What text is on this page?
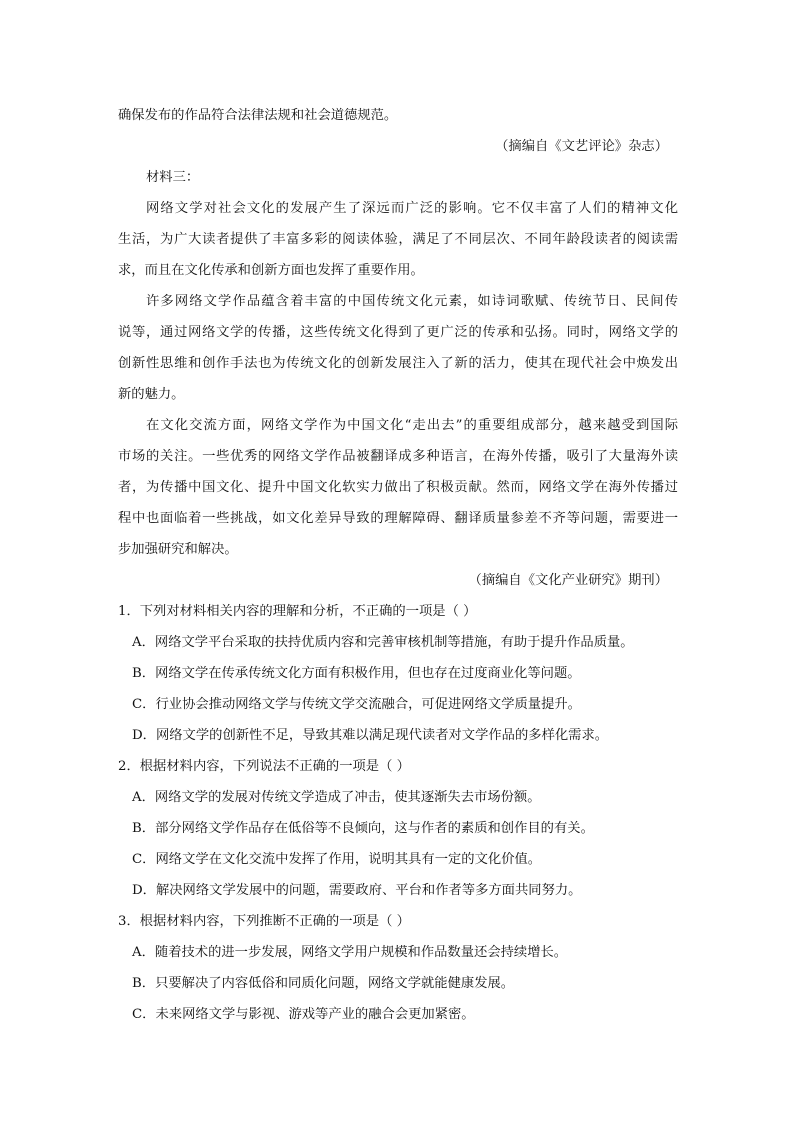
确保发布的作品符合法律法规和社会道德规范。
（摘编自《文艺评论》杂志）
材料三：
网络文学对社会文化的发展产生了深远而广泛的影响。它不仅丰富了人们的精神文化
生活，为广大读者提供了丰富多彩的阅读体验，满足了不同层次、不同年龄段读者的阅读需
求，而且在文化传承和创新方面也发挥了重要作用。
许多网络文学作品蕴含着丰富的中国传统文化元素，如诗词歌赋、传统节日、民间传
说等，通过网络文学的传播，这些传统文化得到了更广泛的传承和弘扬。同时，网络文学的
创新性思维和创作手法也为传统文化的创新发展注入了新的活力，使其在现代社会中焕发出
新的魅力。
在文化交流方面，网络文学作为中国文化“走出去”的重要组成部分，越来越受到国际
市场的关注。一些优秀的网络文学作品被翻译成多种语言，在海外传播，吸引了大量海外读
者，为传播中国文化、提升中国文化软实力做出了积极贡献。然而，网络文学在海外传播过
程中也面临着一些挑战，如文化差异导致的理解障碍、翻译质量参差不齐等问题，需要进一
步加强研究和解决。
（摘编自《文化产业研究》期刊）
1．下列对材料相关内容的理解和分析，不正确的一项是（ ）
A．网络文学平台采取的扶持优质内容和完善审核机制等措施，有助于提升作品质量。
B．网络文学在传承传统文化方面有积极作用，但也存在过度商业化等问题。
C．行业协会推动网络文学与传统文学交流融合，可促进网络文学质量提升。
D．网络文学的创新性不足，导致其难以满足现代读者对文学作品的多样化需求。
2．根据材料内容，下列说法不正确的一项是（ ）
A．网络文学的发展对传统文学造成了冲击，使其逐渐失去市场份额。
B．部分网络文学作品存在低俗等不良倾向，这与作者的素质和创作目的有关。
C．网络文学在文化交流中发挥了作用，说明其具有一定的文化价值。
D．解决网络文学发展中的问题，需要政府、平台和作者等多方面共同努力。
3．根据材料内容，下列推断不正确的一项是（ ）
A．随着技术的进一步发展，网络文学用户规模和作品数量还会持续增长。
B．只要解决了内容低俗和同质化问题，网络文学就能健康发展。
C．未来网络文学与影视、游戏等产业的融合会更加紧密。
